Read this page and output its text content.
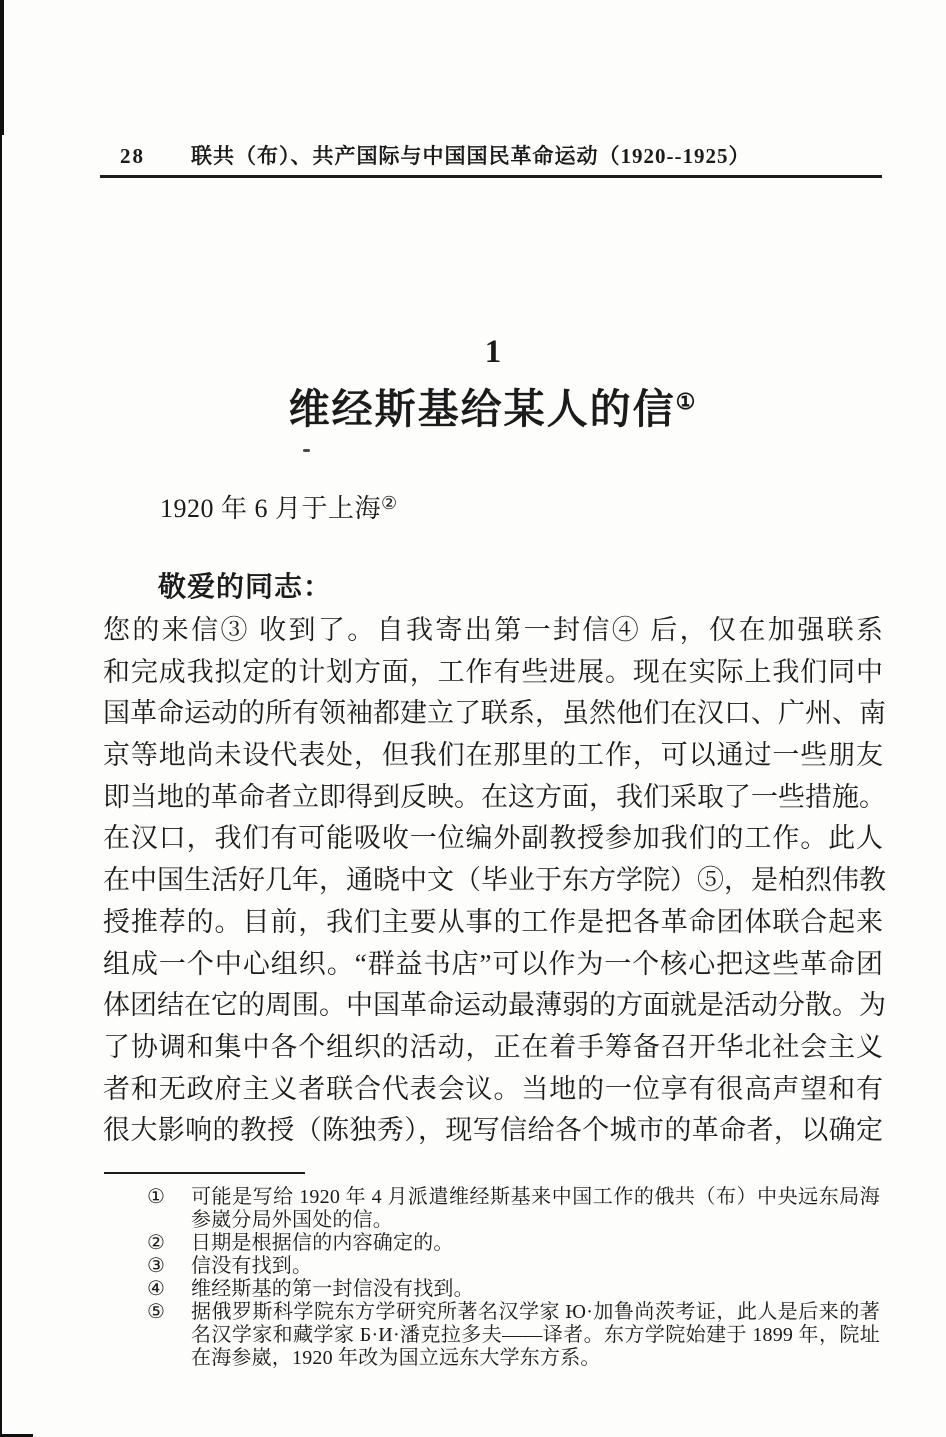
28 联共（布）、共产国际与中国国民革命运动（1920--1925）
1
维经斯基给某人的信①
1920 年 6 月于上海②
敬爱的同志：
您的来信③ 收到了。自我寄出第一封信④ 后，仅在加强联系
和完成我拟定的计划方面，工作有些进展。现在实际上我们同中
国革命运动的所有领袖都建立了联系，虽然他们在汉口、广州、南
京等地尚未设代表处，但我们在那里的工作，可以通过一些朋友
即当地的革命者立即得到反映。在这方面，我们采取了一些措施。
在汉口，我们有可能吸收一位编外副教授参加我们的工作。此人
在中国生活好几年，通晓中文（毕业于东方学院）⑤，是柏烈伟教
授推荐的。目前，我们主要从事的工作是把各革命团体联合起来
组成一个中心组织。“群益书店”可以作为一个核心把这些革命团
体团结在它的周围。中国革命运动最薄弱的方面就是活动分散。为
了协调和集中各个组织的活动，正在着手筹备召开华北社会主义
者和无政府主义者联合代表会议。当地的一位享有很高声望和有
很大影响的教授（陈独秀），现写信给各个城市的革命者，以确定
①	可能是写给 1920 年 4 月派遣维经斯基来中国工作的俄共（布）中央远东局海参崴分局外国处的信。
②	日期是根据信的内容确定的。
③	信没有找到。
④	维经斯基的第一封信没有找到。
⑤	据俄罗斯科学院东方学研究所著名汉学家 Ю·加鲁尚茨考证，此人是后来的著名汉学家和藏学家 Б·И·潘克拉多夫——译者。东方学院始建于 1899 年，院址在海参崴，1920 年改为国立远东大学东方系。
